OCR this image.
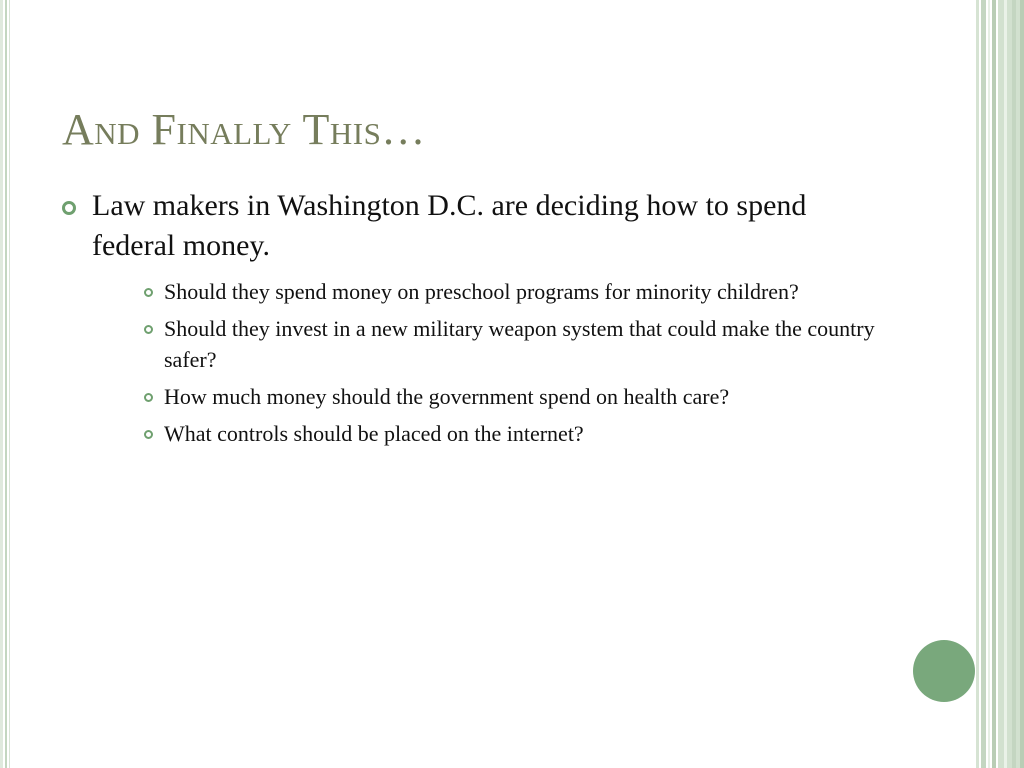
And Finally This…
Law makers in Washington D.C. are deciding how to spend federal money.
Should they spend money on preschool programs for minority children?
Should they invest in a new military weapon system that could make the country safer?
How much money should the government spend on health care?
What controls should be placed on the internet?
